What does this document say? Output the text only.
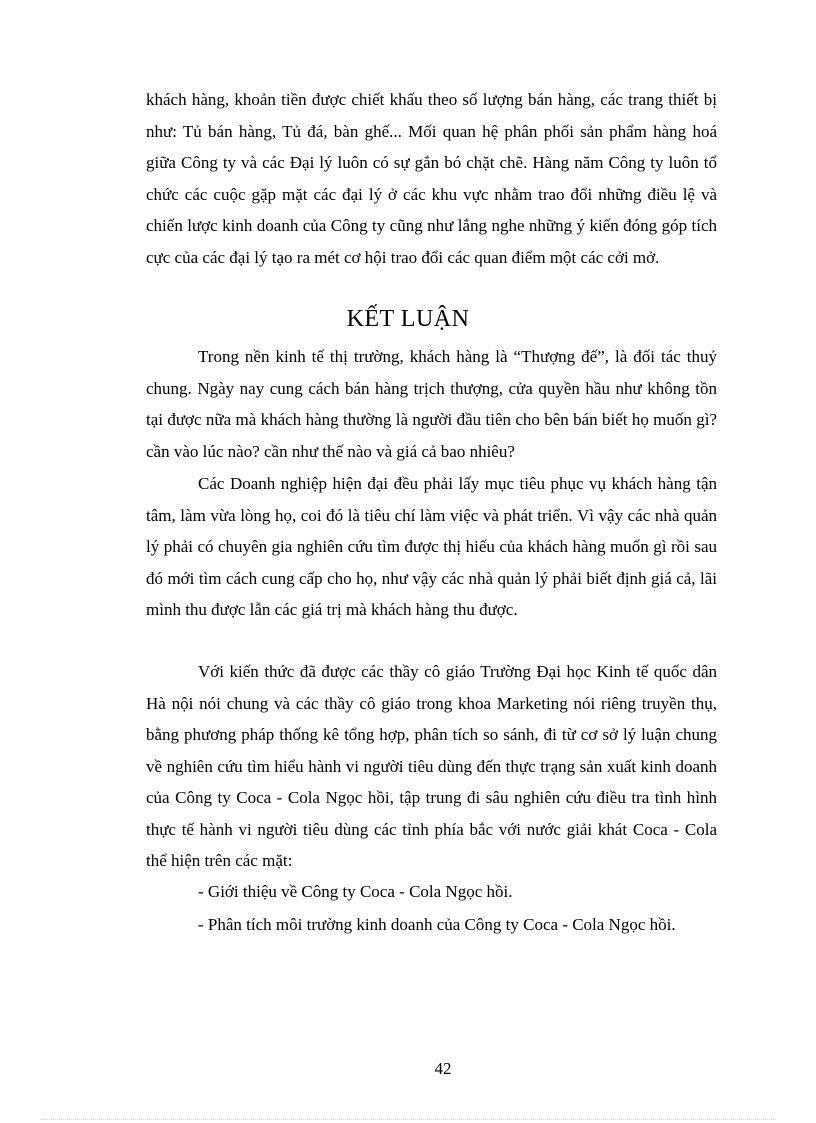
khách hàng, khoản tiền được chiết khấu theo số lượng bán hàng, các trang thiết bị như: Tủ bán hàng, Tủ đá, bàn ghế... Mối quan hệ phân phối sản phẩm hàng hoá giữa Công ty và các Đại lý luôn có sự gắn bó chặt chẽ. Hàng năm Công ty luôn tổ chức các cuộc gặp mặt các đại lý ở các khu vực nhằm trao đổi những điều lệ và chiến lược kinh doanh của Công ty cũng như lắng nghe những ý kiến đóng góp tích cực của các đại lý tạo ra mét cơ hội trao đổi các quan điểm một các cởi mở.

KẾT LUẬN

Trong nền kinh tế thị trường, khách hàng là “Thượng đế”, là đối tác thuỷ chung. Ngày nay cung cách bán hàng trịch thượng, cửa quyền hầu như không tồn tại được nữa mà khách hàng thường là người đầu tiên cho bên bán biết họ muốn gì? cần vào lúc nào? cần như thế nào và giá cả bao nhiêu?

Các Doanh nghiệp hiện đại đều phải lấy mục tiêu phục vụ khách hàng tận tâm, làm vừa lòng họ, coi đó là tiêu chí làm việc và phát triển. Vì vậy các nhà quản lý phải có chuyên gia nghiên cứu tìm được thị hiếu của khách hàng muốn gì rồi sau đó mới tìm cách cung cấp cho họ, như vậy các nhà quản lý phải biết định giá cả, lãi mình thu được lẫn các giá trị mà khách hàng thu được.

Với kiến thức đã được các thầy cô giáo Trường Đại học Kinh tế quốc dân Hà nội nói chung và các thầy cô giáo trong khoa Marketing nói riêng truyền thụ, bằng phương pháp thống kê tổng hợp, phân tích so sánh, đi từ cơ sở lý luận chung về nghiên cứu tìm hiểu hành vi người tiêu dùng đến thực trạng sản xuất kinh doanh của Công ty Coca - Cola Ngọc hồi, tập trung đi sâu nghiên cứu điều tra tình hình thực tế hành vi người tiêu dùng các tỉnh phía bắc với nước giải khát Coca - Cola thể hiện trên các mặt:

- Giới thiệu về Công ty Coca - Cola Ngọc hồi.

- Phân tích môi trường kinh doanh của Công ty Coca - Cola Ngọc hồi.

42
